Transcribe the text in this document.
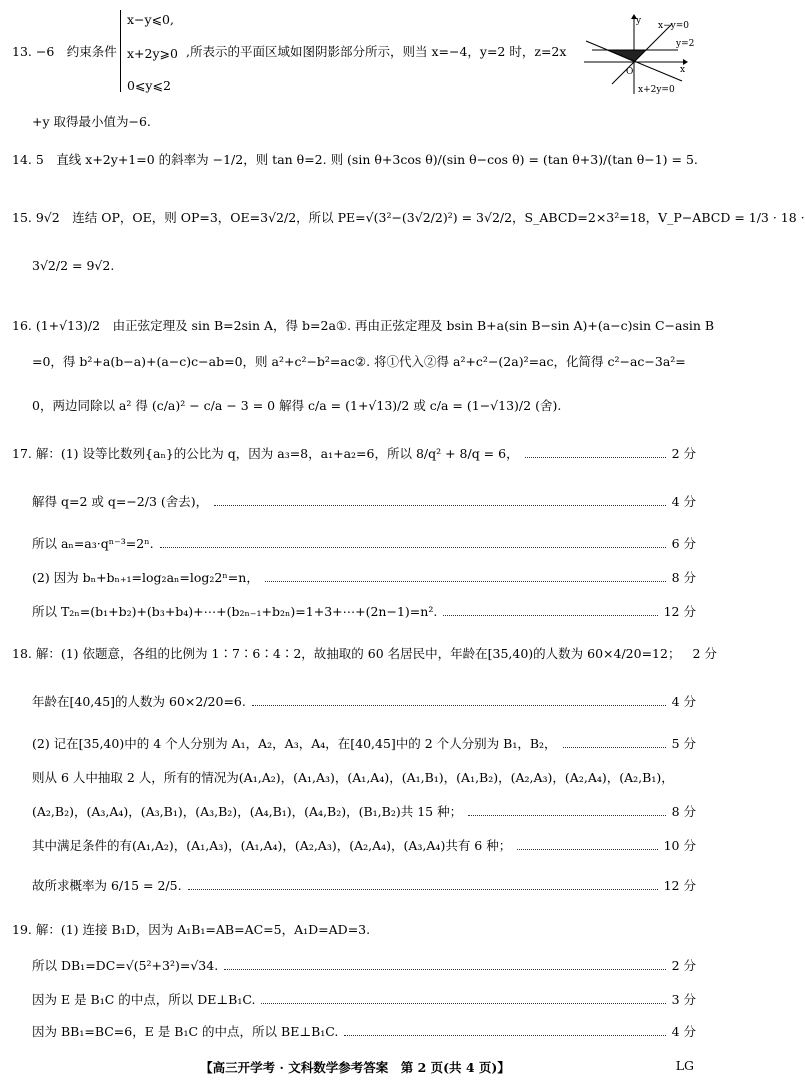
13. −6　约束条件
x−y⩽0,
x+2y⩾0
0⩽y⩽2
,所表示的平面区域如图阴影部分所示，则当 x=−4，y=2 时，z=2x
y
x
O
x−y=0
y=2
x+2y=0
+y 取得最小值为−6.
14. 5　直线 x+2y+1=0 的斜率为 −1/2，则 tan θ=2. 则 (sin θ+3cos θ)/(sin θ−cos θ) = (tan θ+3)/(tan θ−1) = 5.
15. 9√2　连结 OP，OE，则 OP=3，OE=3√2/2，所以 PE=√(3²−(3√2/2)²) = 3√2/2，S_ABCD=2×3²=18，V_P−ABCD = 1/3 · 18 ·
3√2/2 = 9√2.
16. (1+√13)/2　由正弦定理及 sin B=2sin A，得 b=2a①. 再由正弦定理及 bsin B+a(sin B−sin A)+(a−c)sin C−asin B
=0，得 b²+a(b−a)+(a−c)c−ab=0，则 a²+c²−b²=ac②. 将①代入②得 a²+c²−(2a)²=ac，化简得 c²−ac−3a²=
0，两边同除以 a² 得 (c/a)² − c/a − 3 = 0 解得 c/a = (1+√13)/2 或 c/a = (1−√13)/2 (舍).
17. 解：(1) 设等比数列{aₙ}的公比为 q，因为 a₃=8，a₁+a₂=6，所以 8/q² + 8/q = 6，	2 分
解得 q=2 或 q=−2/3 (舍去)，	4 分
所以 aₙ=a₃·qⁿ⁻³=2ⁿ.	6 分
(2) 因为 bₙ+bₙ₊₁=log₂aₙ=log₂2ⁿ=n，	8 分
所以 T₂ₙ=(b₁+b₂)+(b₃+b₄)+⋯+(b₂ₙ₋₁+b₂ₙ)=1+3+⋯+(2n−1)=n².	12 分
18. 解：(1) 依题意，各组的比例为 1∶7∶6∶4∶2，故抽取的 60 名居民中，年龄在[35,40)的人数为 60×4/20=12； 2 分
年龄在[40,45]的人数为 60×2/20=6.	4 分
(2) 记在[35,40)中的 4 个人分别为 A₁，A₂，A₃，A₄，在[40,45]中的 2 个人分别为 B₁，B₂，	5 分
则从 6 人中抽取 2 人，所有的情况为(A₁,A₂)，(A₁,A₃)，(A₁,A₄)，(A₁,B₁)，(A₁,B₂)，(A₂,A₃)，(A₂,A₄)，(A₂,B₁)，
(A₂,B₂)，(A₃,A₄)，(A₃,B₁)，(A₃,B₂)，(A₄,B₁)，(A₄,B₂)，(B₁,B₂)共 15 种；	8 分
其中满足条件的有(A₁,A₂)，(A₁,A₃)，(A₁,A₄)，(A₂,A₃)，(A₂,A₄)，(A₃,A₄)共有 6 种；	10 分
故所求概率为 6/15 = 2/5.	12 分
19. 解：(1) 连接 B₁D，因为 A₁B₁=AB=AC=5，A₁D=AD=3.
所以 DB₁=DC=√(5²+3²)=√34.	2 分
因为 E 是 B₁C 的中点，所以 DE⊥B₁C.	3 分
因为 BB₁=BC=6，E 是 B₁C 的中点，所以 BE⊥B₁C.	4 分
【高三开学考 · 文科数学参考答案　第 2 页(共 4 页)】	LG
